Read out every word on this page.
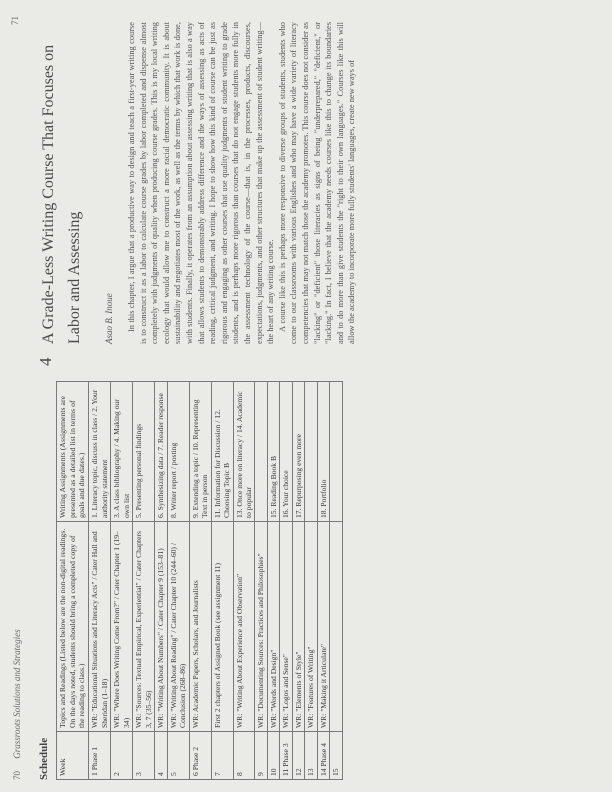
70 Grassroots Solutions and Strategies
Schedule Week	Topics and Readings (Listed below are the non-digital readings. On the days noted, students should bring a completed copy of the reading to class.)	Writing Assignments (Assignments are presented as a detailed list in terms of goals and due dates.)
1 Phase 1	WR: "Educational Situations and Literacy Acts" / Cater Hall and Sheridan (1–18)	1. Literacy topic, discuss in class / 2. Your authority statement
2	WR: "Where Does Writing Come From?" / Cater Chapter 1 (19–34)	3. A class bibliography / 4. Making our own list
3	WR: "Sources: Textual Empirical, Experiential" / Cater Chapters 3, 7 (35–56)	5. Presenting personal findings
4	WR: "Writing About Numbers" / Cater Chapter 9 (153–81)	6. Synthesizing data / 7. Reader response
5	WR: "Writing About Reading" / Cater Chapter 10 (244–60) / Conclusion (268–86)	8. Writer report / posting
6 Phase 2	WR: Academic Papers, Scholars, and Journalists	9. Extending a topic / 10. Representing Text in person
7	First 2 chapters of Assigned Book (see assignment 11)	11. Information for Discussion / 12. Choosing Topic B
8	WR: "Writing About Experience and Observation"	13. Once more on literacy / 14. Academic to popular
9	WR: "Documenting Sources: Practices and Philosophies"	
10	WR: "Words and Design"	15. Reading Book B
11 Phase 3	WR: "Logos and Sense"	16. Your choice
12	WR: "Elements of Style"	17. Repurposing even more
13	WR: "Features of Writing"	
14 Phase 4	WR: "Making it Articulate"	18. Portfolio
15		
71
4
A Grade-Less Writing Course That Focuses on Labor and Assessing	Asao B. Inoue In this chapter, I argue that a productive way to design and teach a first-year writing course is to construct it as a labor to calculate course grades by labor completed and dispense almost completely with judgments of quality when producing course grades. This is my local writing ecology that would allow me to construct a more racial democratic community. It is about sustainability and negotiates most of the work, as well as the terms by which that work is done, with students. Finally, it operates from an assumption about assessing writing that is also a way that allows students to demonstrably address difference and the ways of assessing as acts of reading, critical judgment, and writing. I hope to show how this kind of course can be just as rigorous and engaging as other courses that use quality judgments of student writing to grade students, and is perhaps more rigorous than courses that do not engage students more fully in the assessment technology of the course—that is, in the processes, products, discourses, expectations, judgments, and other structures that make up the assessment of student writing—the heart of any writing course. A course like this is perhaps more responsive to diverse groups of students, students who come to our classrooms with various Englishes and who may have a wide variety of literacy competencies that may not match those the academy promotes. This course does not consider as "lacking" or "deficient" those literacies as signs of being "underprepared," "deficient," or "lacking." In fact, I believe that the academy needs courses like this to change its boundaries and to do more than give students the "right to their own languages." Courses like this will allow the academy to incorporate more fully students' languages, create new ways of
